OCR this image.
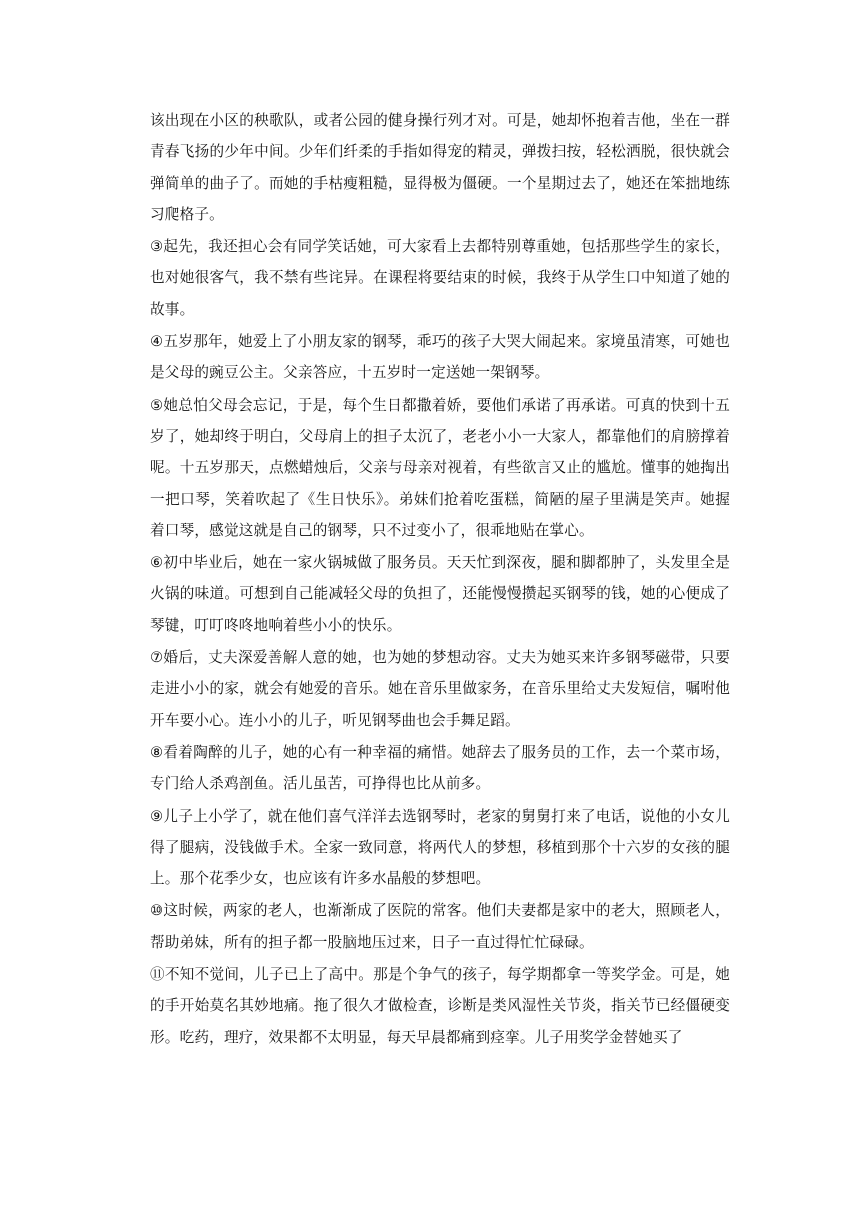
该出现在小区的秧歌队，或者公园的健身操行列才对。可是，她却怀抱着吉他，坐在一群青春飞扬的少年中间。少年们纤柔的手指如得宠的精灵，弹拨扫按，轻松洒脱，很快就会弹简单的曲子了。而她的手枯瘦粗糙，显得极为僵硬。一个星期过去了，她还在笨拙地练习爬格子。

③起先，我还担心会有同学笑话她，可大家看上去都特别尊重她，包括那些学生的家长，也对她很客气，我不禁有些诧异。在课程将要结束的时候，我终于从学生口中知道了她的故事。

④五岁那年，她爱上了小朋友家的钢琴，乖巧的孩子大哭大闹起来。家境虽清寒，可她也是父母的豌豆公主。父亲答应，十五岁时一定送她一架钢琴。

⑤她总怕父母会忘记，于是，每个生日都撒着娇，要他们承诺了再承诺。可真的快到十五岁了，她却终于明白，父母肩上的担子太沉了，老老小小一大家人，都靠他们的肩膀撑着呢。十五岁那天，点燃蜡烛后，父亲与母亲对视着，有些欲言又止的尴尬。懂事的她掏出一把口琴，笑着吹起了《生日快乐》。弟妹们抢着吃蛋糕，简陋的屋子里满是笑声。她握着口琴，感觉这就是自己的钢琴，只不过变小了，很乖地贴在掌心。

⑥初中毕业后，她在一家火锅城做了服务员。天天忙到深夜，腿和脚都肿了，头发里全是火锅的味道。可想到自己能减轻父母的负担了，还能慢慢攒起买钢琴的钱，她的心便成了琴键，叮叮咚咚地响着些小小的快乐。

⑦婚后，丈夫深爱善解人意的她，也为她的梦想动容。丈夫为她买来许多钢琴磁带，只要走进小小的家，就会有她爱的音乐。她在音乐里做家务，在音乐里给丈夫发短信，嘱咐他开车要小心。连小小的儿子，听见钢琴曲也会手舞足蹈。

⑧看着陶醉的儿子，她的心有一种幸福的痛惜。她辞去了服务员的工作，去一个菜市场，专门给人杀鸡剖鱼。活儿虽苦，可挣得也比从前多。

⑨儿子上小学了，就在他们喜气洋洋去选钢琴时，老家的舅舅打来了电话，说他的小女儿得了腿病，没钱做手术。全家一致同意，将两代人的梦想，移植到那个十六岁的女孩的腿上。那个花季少女，也应该有许多水晶般的梦想吧。

⑩这时候，两家的老人，也渐渐成了医院的常客。他们夫妻都是家中的老大，照顾老人，帮助弟妹，所有的担子都一股脑地压过来，日子一直过得忙忙碌碌。

⑪不知不觉间，儿子已上了高中。那是个争气的孩子，每学期都拿一等奖学金。可是，她的手开始莫名其妙地痛。拖了很久才做检查，诊断是类风湿性关节炎，指关节已经僵硬变形。吃药，理疗，效果都不太明显，每天早晨都痛到痉挛。儿子用奖学金替她买了
